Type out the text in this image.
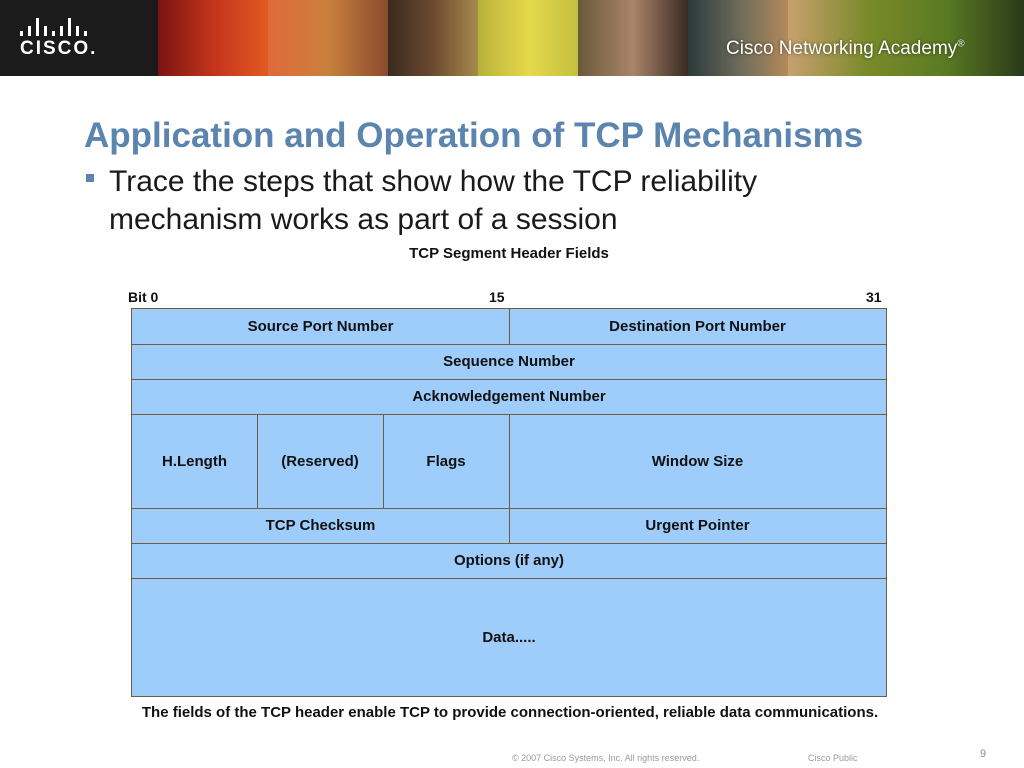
CISCO.	Cisco Networking Academy®
Application and Operation of TCP Mechanisms
Trace the steps that show how the TCP reliability mechanism works as part of a session
TCP Segment Header Fields
Bit 0	15	31
Source Port Number	Destination Port Number
Sequence Number
Acknowledgement Number
H.Length	(Reserved)	Flags	Window Size
TCP Checksum	Urgent Pointer
Options (if any)
Data.....
The fields of the TCP header enable TCP to provide connection-oriented, reliable data communications.
© 2007 Cisco Systems, Inc. All rights reserved.	Cisco Public	9
